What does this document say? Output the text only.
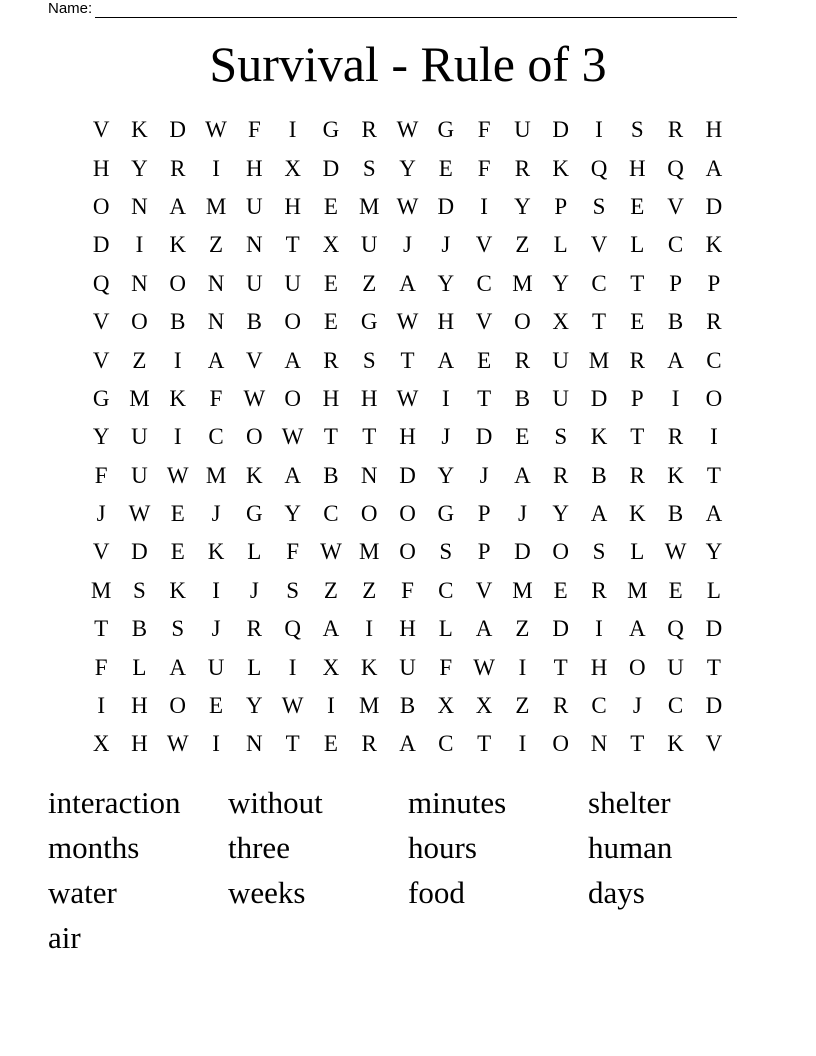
Name:
Survival - Rule of 3
V K D W F	I	G R W G	F	U D	I	S	R H
H Y R	I	H X D	S	Y E	F	R K Q H Q A
O N A M U H E M W D	I	Y	P	S	E V D
D	I	K Z N T X U	J	J	V Z	L V L	C K
Q N O N U U E	Z A Y C M Y C	T	P	P
V O B N B O E G W H V O X T	E	B R
V Z	I	A V A R	S	T A E	R U M R A C
G M K	F W O H H W	I	T	B U D	P	I	O
Y U	I	C O W T	T H	J	D E	S	K T	R	I
F	U W M K A B N D Y	J	A R B R K T
J W E	J	G Y C O O G	P	J	Y A K B A
V D E K L	F W M O	S	P	D O	S	L W Y
M S	K	I	J	S	Z	Z	F	C V M E	R M E	L
T	B	S	J	R Q A	I	H L A Z D	I	A Q D
F	L A U L	I	X K U	F W	I	T H O U T
I	H O E Y W	I	M B X X Z	R C	J	C D
X H W	I	N T	E	R A C	T	I	O N T K V
interaction	without	minutes	shelter
months	three	hours	human
water	weeks	food	days
air
